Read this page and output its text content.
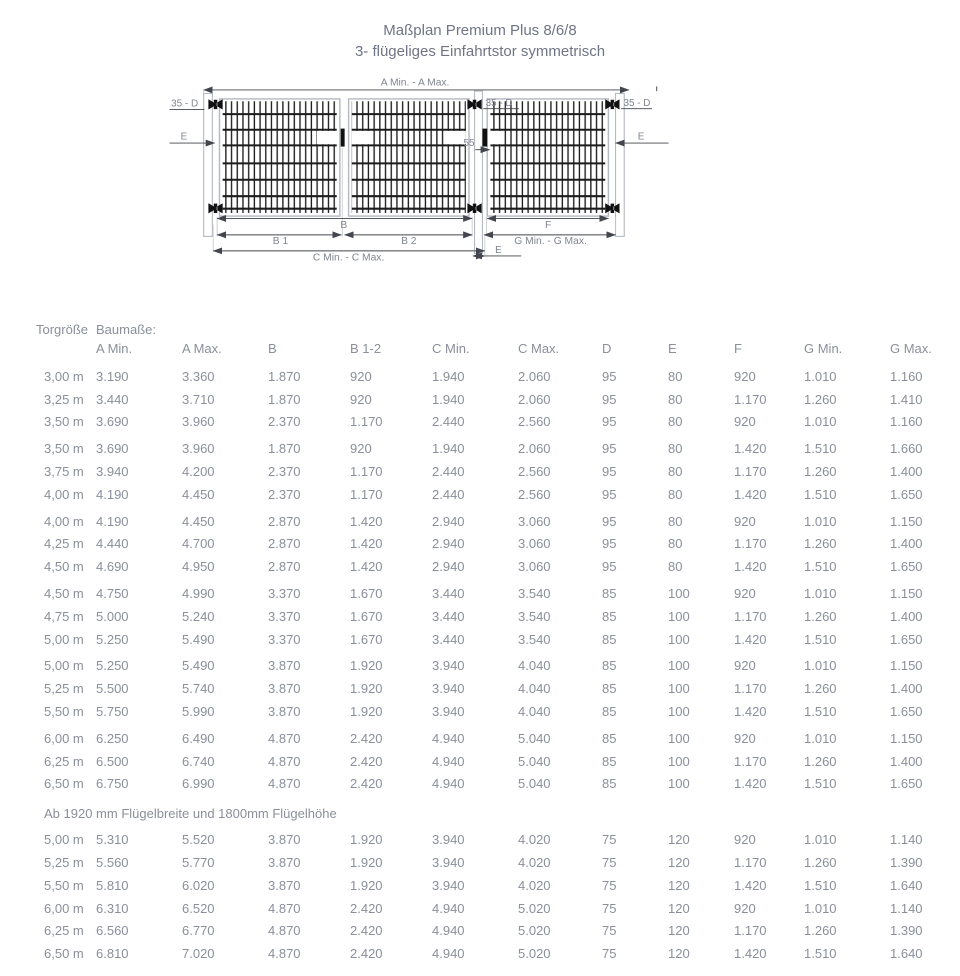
Maßplan Premium Plus 8/6/8
3- flügeliges Einfahrtstor symmetrisch
A Min. - A Max.
35 - D	35 - D	35 - D
E	E
E
55
B
B 1	B 2
C Min. - C Max.
F
G Min. - G Max.
Torgröße	Baumaße:										
	A Min.	A Max.	B	B 1-2	C Min.	C Max.	D	E	F	G Min.	G Max.
3,00 m	3.190	3.360	1.870	920	1.940	2.060	95	80	920	1.010	1.160
3,25 m	3.440	3.710	1.870	920	1.940	2.060	95	80	1.170	1.260	1.410
3,50 m	3.690	3.960	2.370	1.170	2.440	2.560	95	80	920	1.010	1.160

3,50 m	3.690	3.960	1.870	920	1.940	2.060	95	80	1.420	1.510	1.660
3,75 m	3.940	4.200	2.370	1.170	2.440	2.560	95	80	1.170	1.260	1.400
4,00 m	4.190	4.450	2.370	1.170	2.440	2.560	95	80	1.420	1.510	1.650

4,00 m	4.190	4.450	2.870	1.420	2.940	3.060	95	80	920	1.010	1.150
4,25 m	4.440	4.700	2.870	1.420	2.940	3.060	95	80	1.170	1.260	1.400
4,50 m	4.690	4.950	2.870	1.420	2.940	3.060	95	80	1.420	1.510	1.650

4,50 m	4.750	4.990	3.370	1.670	3.440	3.540	85	100	920	1.010	1.150
4,75 m	5.000	5.240	3.370	1.670	3.440	3.540	85	100	1.170	1.260	1.400
5,00 m	5.250	5.490	3.370	1.670	3.440	3.540	85	100	1.420	1.510	1.650

5,00 m	5.250	5.490	3.870	1.920	3.940	4.040	85	100	920	1.010	1.150
5,25 m	5.500	5.740	3.870	1.920	3.940	4.040	85	100	1.170	1.260	1.400
5,50 m	5.750	5.990	3.870	1.920	3.940	4.040	85	100	1.420	1.510	1.650

6,00 m	6.250	6.490	4.870	2.420	4.940	5.040	85	100	920	1.010	1.150
6,25 m	6.500	6.740	4.870	2.420	4.940	5.040	85	100	1.170	1.260	1.400
6,50 m	6.750	6.990	4.870	2.420	4.940	5.040	85	100	1.420	1.510	1.650
Ab 1920 mm Flügelbreite und 1800mm Flügelhöhe											
5,00 m	5.310	5.520	3.870	1.920	3.940	4.020	75	120	920	1.010	1.140
5,25 m	5.560	5.770	3.870	1.920	3.940	4.020	75	120	1.170	1.260	1.390
5,50 m	5.810	6.020	3.870	1.920	3.940	4.020	75	120	1.420	1.510	1.640
6,00 m	6.310	6.520	4.870	2.420	4.940	5.020	75	120	920	1.010	1.140
6,25 m	6.560	6.770	4.870	2.420	4.940	5.020	75	120	1.170	1.260	1.390
6,50 m	6.810	7.020	4.870	2.420	4.940	5.020	75	120	1.420	1.510	1.640
